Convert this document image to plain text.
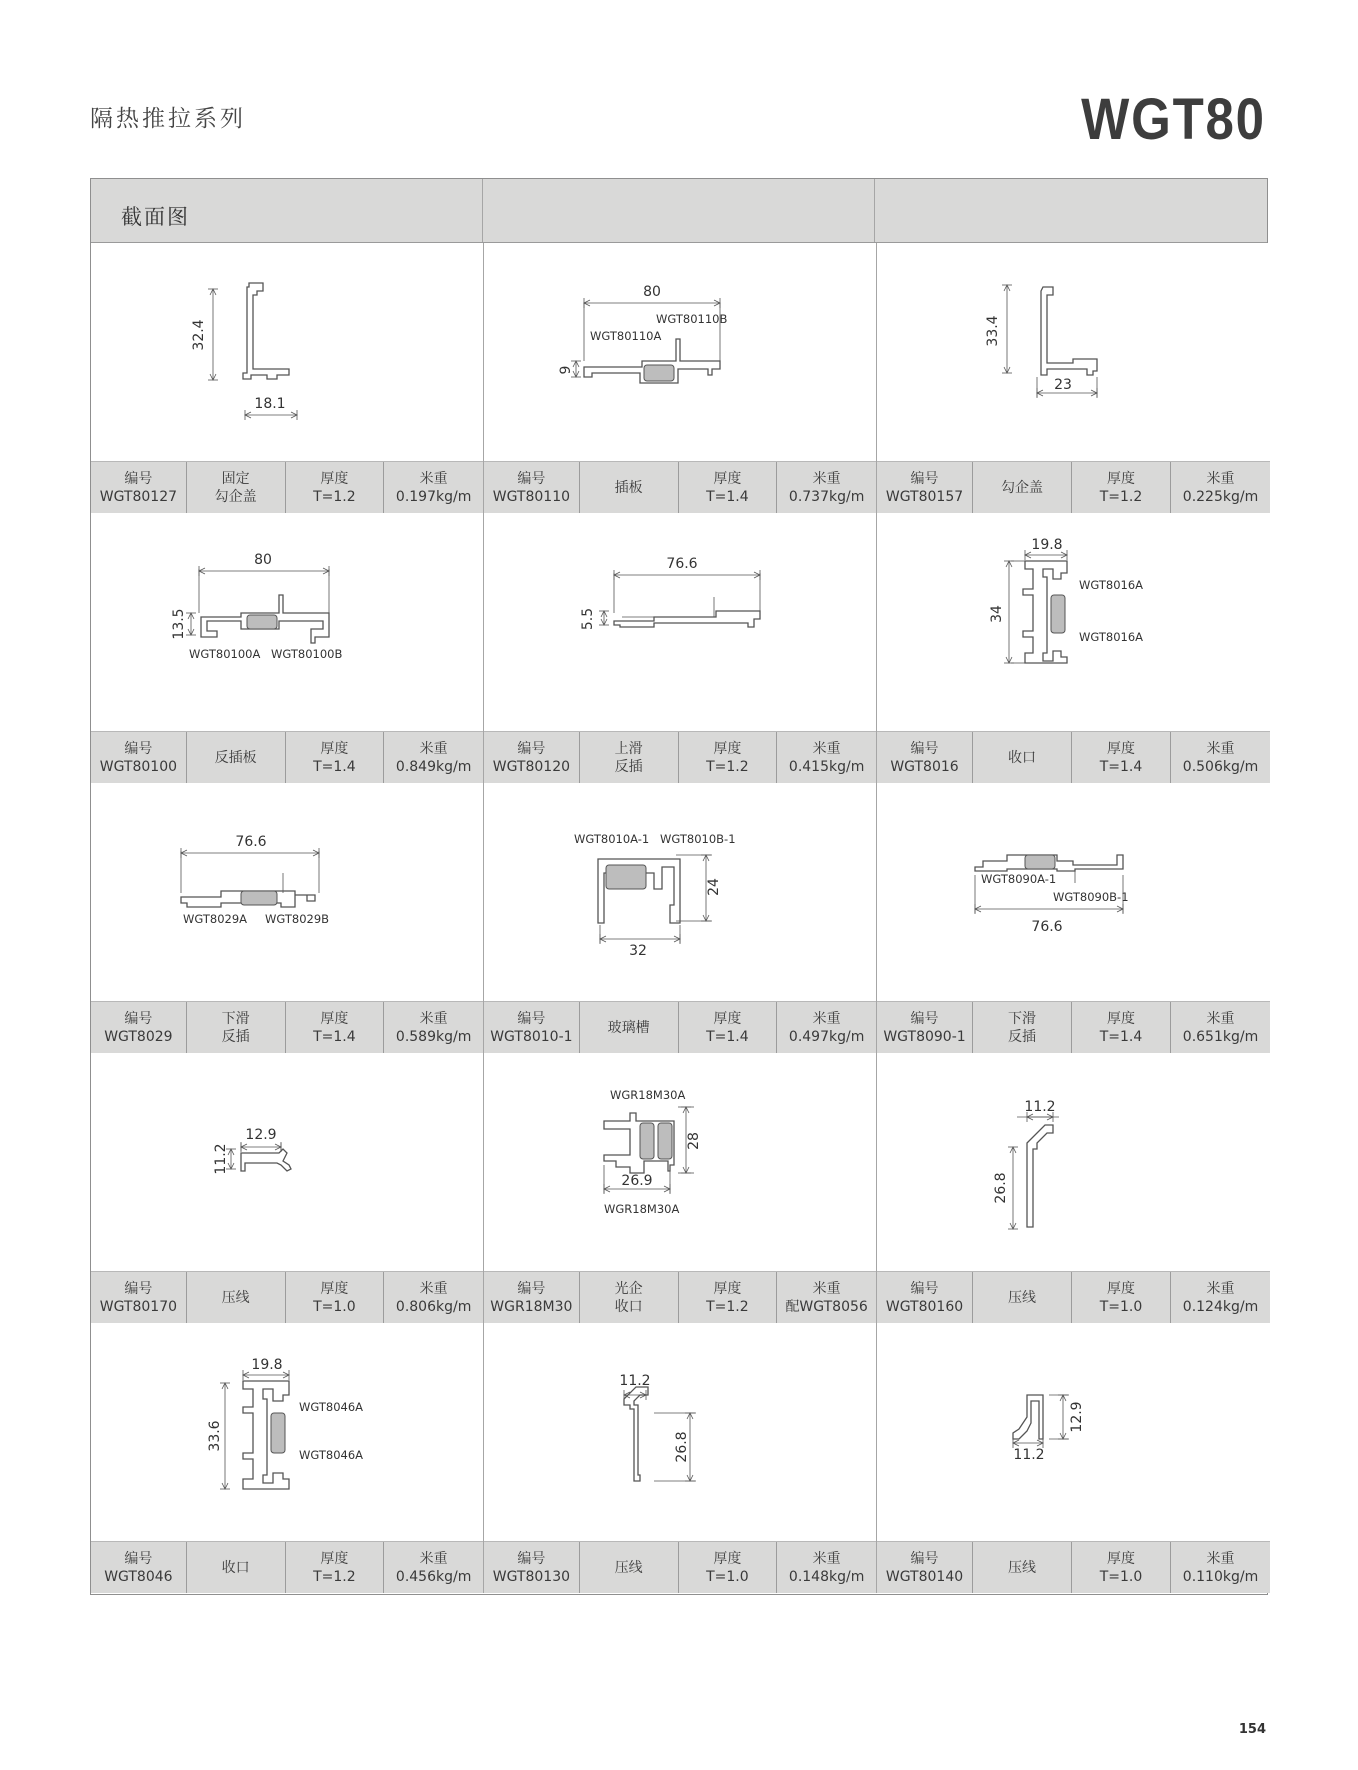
隔热推拉系列	WGT80
截面图
32.4
18.1
编号
WGT80127
固定
勾企盖
厚度
T=1.2
米重
0.197kg/m
80
9
WGT80110B
WGT80110A
编号
WGT80110
插板
厚度
T=1.4
米重
0.737kg/m
33.4
23
编号
WGT80157
勾企盖
厚度
T=1.2
米重
0.225kg/m
80
13.5
WGT80100A WGT80100B
编号
WGT80100
反插板
厚度
T=1.4
米重
0.849kg/m
76.6
5.5
编号
WGT80120
上滑
反插
厚度
T=1.2
米重
0.415kg/m
19.8
34
WGT8016A
WGT8016A
编号
WGT8016
收口
厚度
T=1.4
米重
0.506kg/m
76.6
WGT8029A WGT8029B
编号
WGT8029
下滑
反插
厚度
T=1.4
米重
0.589kg/m
24
32
WGT8010A-1 WGT8010B-1
编号
WGT8010-1
玻璃槽
厚度
T=1.4
米重
0.497kg/m
76.6
WGT8090A-1
WGT8090B-1
编号
WGT8090-1
下滑
反插
厚度
T=1.4
米重
0.651kg/m
11.2
12.9
编号
WGT80170
压线
厚度
T=1.0
米重
0.806kg/m
28
26.9
WGR18M30A
WGR18M30A
编号
WGR18M30
光企
收口
厚度
T=1.2
米重
配WGT8056
11.2
26.8
编号
WGT80160
压线
厚度
T=1.0
米重
0.124kg/m
19.8
33.6
WGT8046A
WGT8046A
编号
WGT8046
收口
厚度
T=1.2
米重
0.456kg/m
11.2
26.8
编号
WGT80130
压线
厚度
T=1.0
米重
0.148kg/m
12.9
11.2
编号
WGT80140
压线
厚度
T=1.0
米重
0.110kg/m
154
